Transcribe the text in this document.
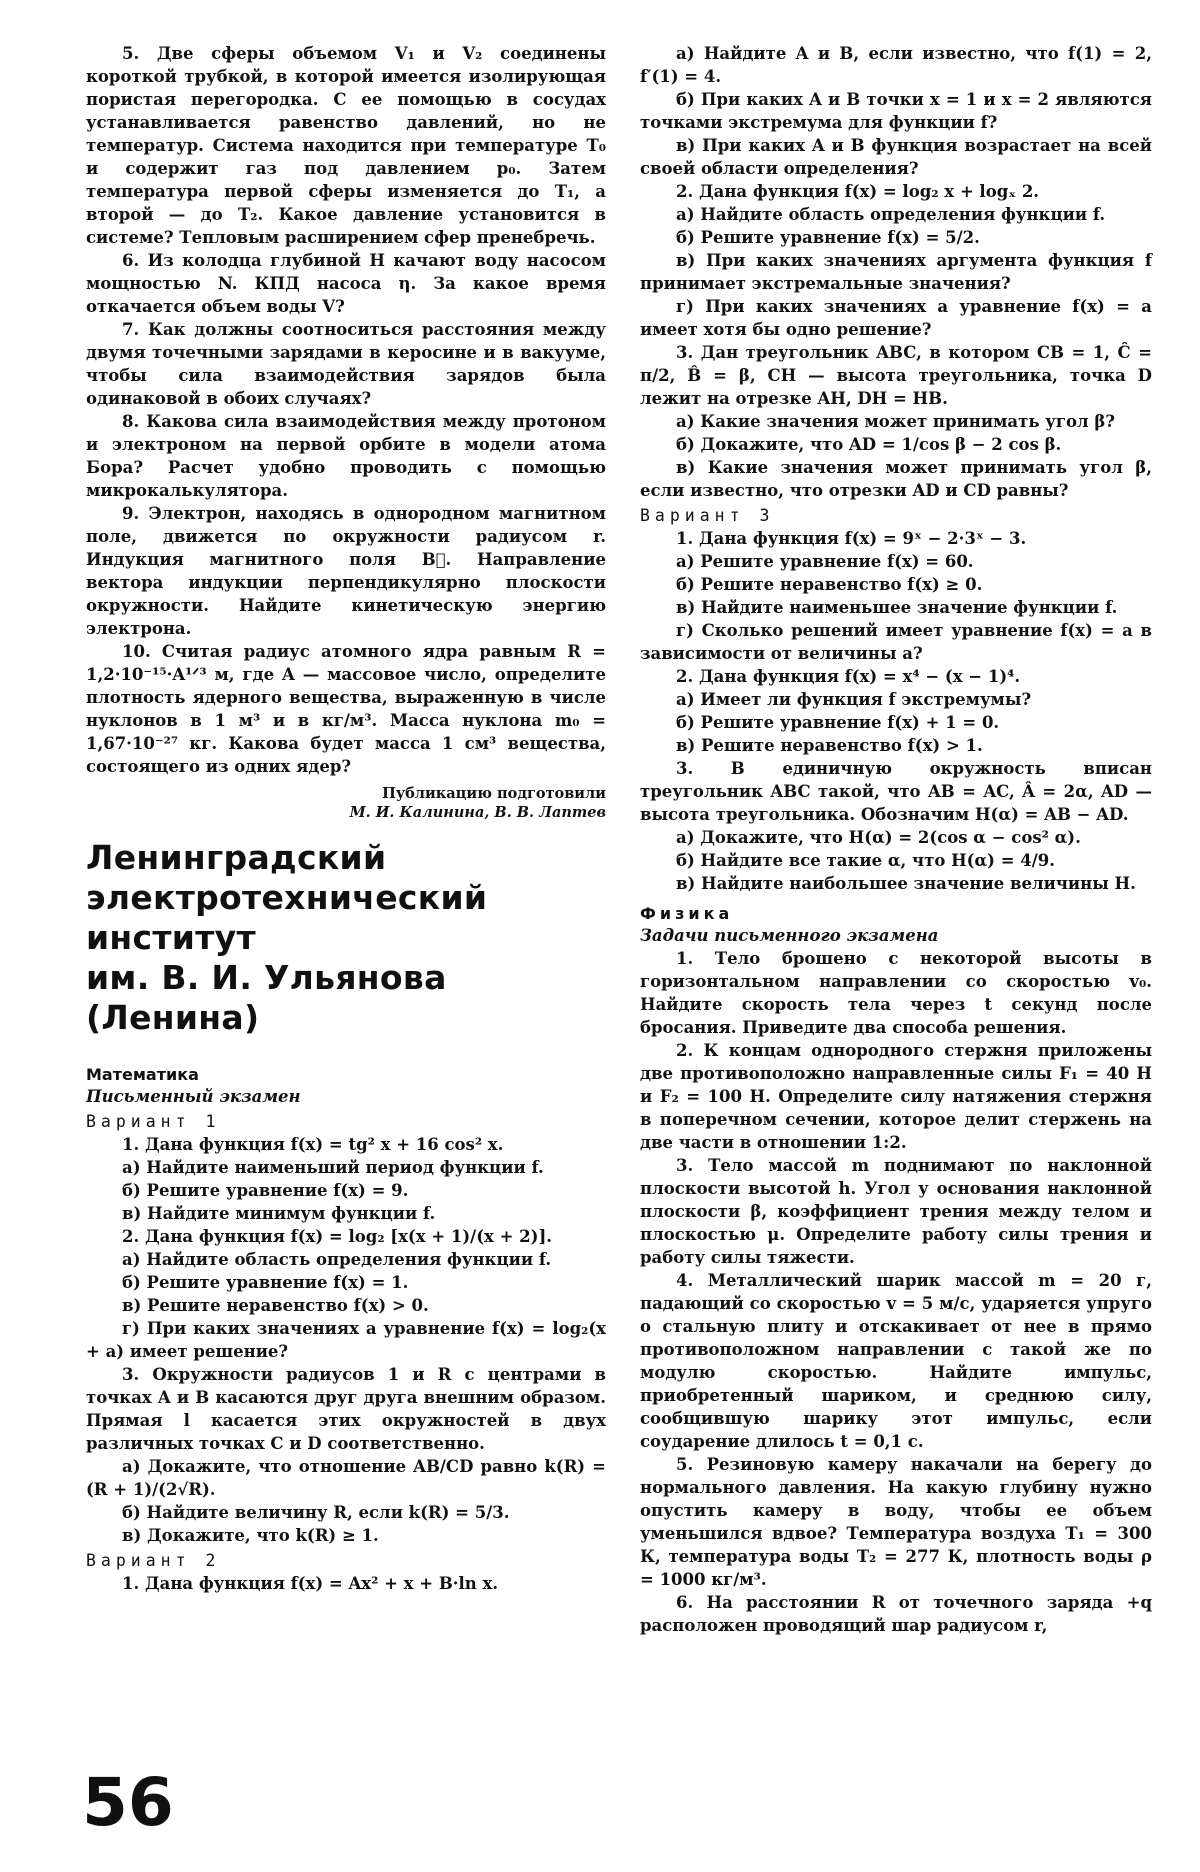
5. Две сферы объемом V₁ и V₂ соединены короткой трубкой, в которой имеется изолирующая пористая перегородка. С ее помощью в сосудах устанавливается равенство давлений, но не температур. Система находится при температуре T₀ и содержит газ под давлением p₀. Затем температура первой сферы изменяется до T₁, а второй — до T₂. Какое давление установится в системе? Тепловым расширением сфер пренебречь.

6. Из колодца глубиной H качают воду насосом мощностью N. КПД насоса η. За какое время откачается объем воды V?

7. Как должны соотноситься расстояния между двумя точечными зарядами в керосине и в вакууме, чтобы сила взаимодействия зарядов была одинаковой в обоих случаях?

8. Какова сила взаимодействия между протоном и электроном на первой орбите в модели атома Бора? Расчет удобно проводить с помощью микрокалькулятора.

9. Электрон, находясь в однородном магнитном поле, движется по окружности радиусом r. Индукция магнитного поля B⃗. Направление вектора индукции перпендикулярно плоскости окружности. Найдите кинетическую энергию электрона.

10. Считая радиус атомного ядра равным R = 1,2·10⁻¹⁵·A¹ᐟ³ м, где A — массовое число, определите плотность ядерного вещества, выраженную в числе нуклонов в 1 м³ и в кг/м³. Масса нуклона m₀ = 1,67·10⁻²⁷ кг. Какова будет масса 1 см³ вещества, состоящего из одних ядер?

Публикацию подготовили
М. И. Калинина, В. В. Лаптев
Ленинградский
электротехнический
институт
им. В. И. Ульянова
(Ленина)
Математика
Письменный экзамен
Вариант 1

1. Дана функция f(x) = tg² x + 16 cos² x.

а) Найдите наименьший период функции f.

б) Решите уравнение f(x) = 9.

в) Найдите минимум функции f.

2. Дана функция f(x) = log₂ [x(x + 1)/(x + 2)].

а) Найдите область определения функции f.

б) Решите уравнение f(x) = 1.

в) Решите неравенство f(x) > 0.

г) При каких значениях a уравнение f(x) = log₂(x + a) имеет решение?

3. Окружности радиусов 1 и R с центрами в точках A и B касаются друг друга внешним образом. Прямая l касается этих окружностей в двух различных точках C и D соответственно.

а) Докажите, что отношение AB/CD равно k(R) = (R + 1)/(2√R).

б) Найдите величину R, если k(R) = 5/3.

в) Докажите, что k(R) ≥ 1.

Вариант 2

1. Дана функция f(x) = Ax² + x + B·ln x.

а) Найдите A и B, если известно, что f(1) = 2, f′(1) = 4.

б) При каких A и B точки x = 1 и x = 2 являются точками экстремума для функции f?

в) При каких A и B функция возрастает на всей своей области определения?

2. Дана функция f(x) = log₂ x + logₓ 2.

а) Найдите область определения функции f.

б) Решите уравнение f(x) = 5/2.

в) При каких значениях аргумента функция f принимает экстремальные значения?

г) При каких значениях a уравнение f(x) = a имеет хотя бы одно решение?

3. Дан треугольник ABC, в котором CB = 1, Ĉ = π/2, B̂ = β, CH — высота треугольника, точка D лежит на отрезке AH, DH = HB.

а) Какие значения может принимать угол β?

б) Докажите, что AD = 1/cos β − 2 cos β.

в) Какие значения может принимать угол β, если известно, что отрезки AD и CD равны?

Вариант 3

1. Дана функция f(x) = 9ˣ − 2·3ˣ − 3.

а) Решите уравнение f(x) = 60.

б) Решите неравенство f(x) ≥ 0.

в) Найдите наименьшее значение функции f.

г) Сколько решений имеет уравнение f(x) = a в зависимости от величины a?

2. Дана функция f(x) = x⁴ − (x − 1)⁴.

а) Имеет ли функция f экстремумы?

б) Решите уравнение f(x) + 1 = 0.

в) Решите неравенство f(x) > 1.

3. В единичную окружность вписан треугольник ABC такой, что AB = AC, Â = 2α, AD — высота треугольника. Обозначим H(α) = AB − AD.

а) Докажите, что H(α) = 2(cos α − cos² α).

б) Найдите все такие α, что H(α) = 4/9.

в) Найдите наибольшее значение величины H.

Физика
Задачи письменного экзамена

1. Тело брошено с некоторой высоты в горизонтальном направлении со скоростью v₀. Найдите скорость тела через t секунд после бросания. Приведите два способа решения.

2. К концам однородного стержня приложены две противоположно направленные силы F₁ = 40 Н и F₂ = 100 Н. Определите силу натяжения стержня в поперечном сечении, которое делит стержень на две части в отношении 1:2.

3. Тело массой m поднимают по наклонной плоскости высотой h. Угол у основания наклонной плоскости β, коэффициент трения между телом и плоскостью μ. Определите работу силы трения и работу силы тяжести.

4. Металлический шарик массой m = 20 г, падающий со скоростью v = 5 м/с, ударяется упруго о стальную плиту и отскакивает от нее в прямо противоположном направлении с такой же по модулю скоростью. Найдите импульс, приобретенный шариком, и среднюю силу, сообщившую шарику этот импульс, если соударение длилось t = 0,1 с.

5. Резиновую камеру накачали на берегу до нормального давления. На какую глубину нужно опустить камеру в воду, чтобы ее объем уменьшился вдвое? Температура воздуха T₁ = 300 К, температура воды T₂ = 277 К, плотность воды ρ = 1000 кг/м³.

6. На расстоянии R от точечного заряда +q расположен проводящий шар радиусом r,

56
